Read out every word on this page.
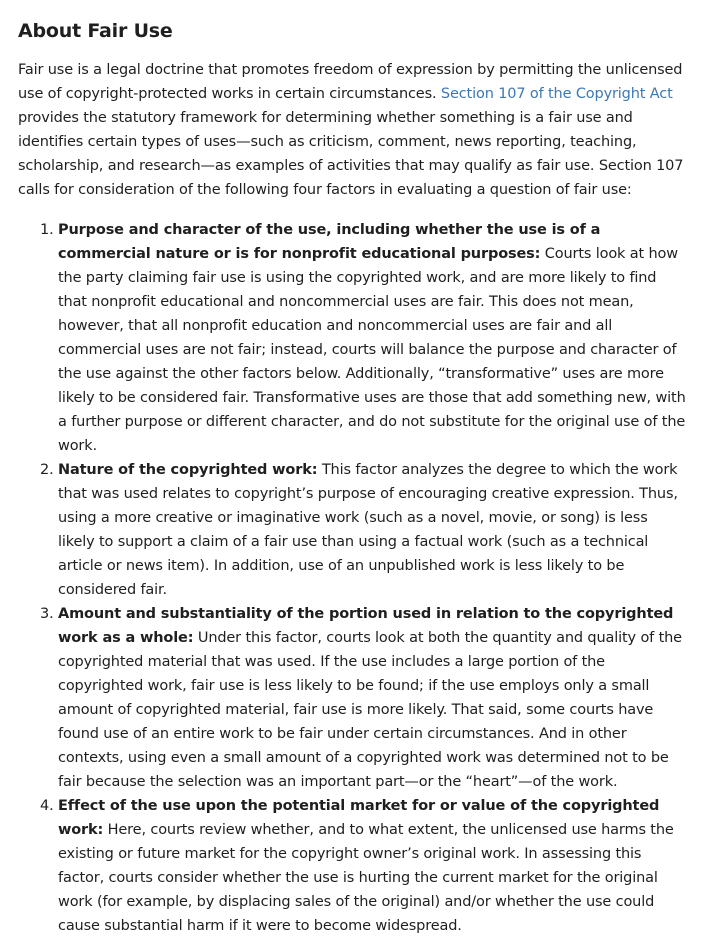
About Fair Use

Fair use is a legal doctrine that promotes freedom of expression by permitting the unlicensed use of copyright-protected works in certain circumstances. Section 107 of the Copyright Act provides the statutory framework for determining whether something is a fair use and identifies certain types of uses—such as criticism, comment, news reporting, teaching, scholarship, and research—as examples of activities that may qualify as fair use. Section 107 calls for consideration of the following four factors in evaluating a question of fair use:

1. Purpose and character of the use, including whether the use is of a commercial nature or is for nonprofit educational purposes: Courts look at how the party claiming fair use is using the copyrighted work, and are more likely to find that nonprofit educational and noncommercial uses are fair. This does not mean, however, that all nonprofit education and noncommercial uses are fair and all commercial uses are not fair; instead, courts will balance the purpose and character of the use against the other factors below. Additionally, “transformative” uses are more likely to be considered fair. Transformative uses are those that add something new, with a further purpose or different character, and do not substitute for the original use of the work.
2. Nature of the copyrighted work: This factor analyzes the degree to which the work that was used relates to copyright’s purpose of encouraging creative expression. Thus, using a more creative or imaginative work (such as a novel, movie, or song) is less likely to support a claim of a fair use than using a factual work (such as a technical article or news item). In addition, use of an unpublished work is less likely to be considered fair.
3. Amount and substantiality of the portion used in relation to the copyrighted work as a whole: Under this factor, courts look at both the quantity and quality of the copyrighted material that was used. If the use includes a large portion of the copyrighted work, fair use is less likely to be found; if the use employs only a small amount of copyrighted material, fair use is more likely. That said, some courts have found use of an entire work to be fair under certain circumstances. And in other contexts, using even a small amount of a copyrighted work was determined not to be fair because the selection was an important part—or the “heart”—of the work.
4. Effect of the use upon the potential market for or value of the copyrighted work: Here, courts review whether, and to what extent, the unlicensed use harms the existing or future market for the copyright owner’s original work. In assessing this factor, courts consider whether the use is hurting the current market for the original work (for example, by displacing sales of the original) and/or whether the use could cause substantial harm if it were to become widespread.
